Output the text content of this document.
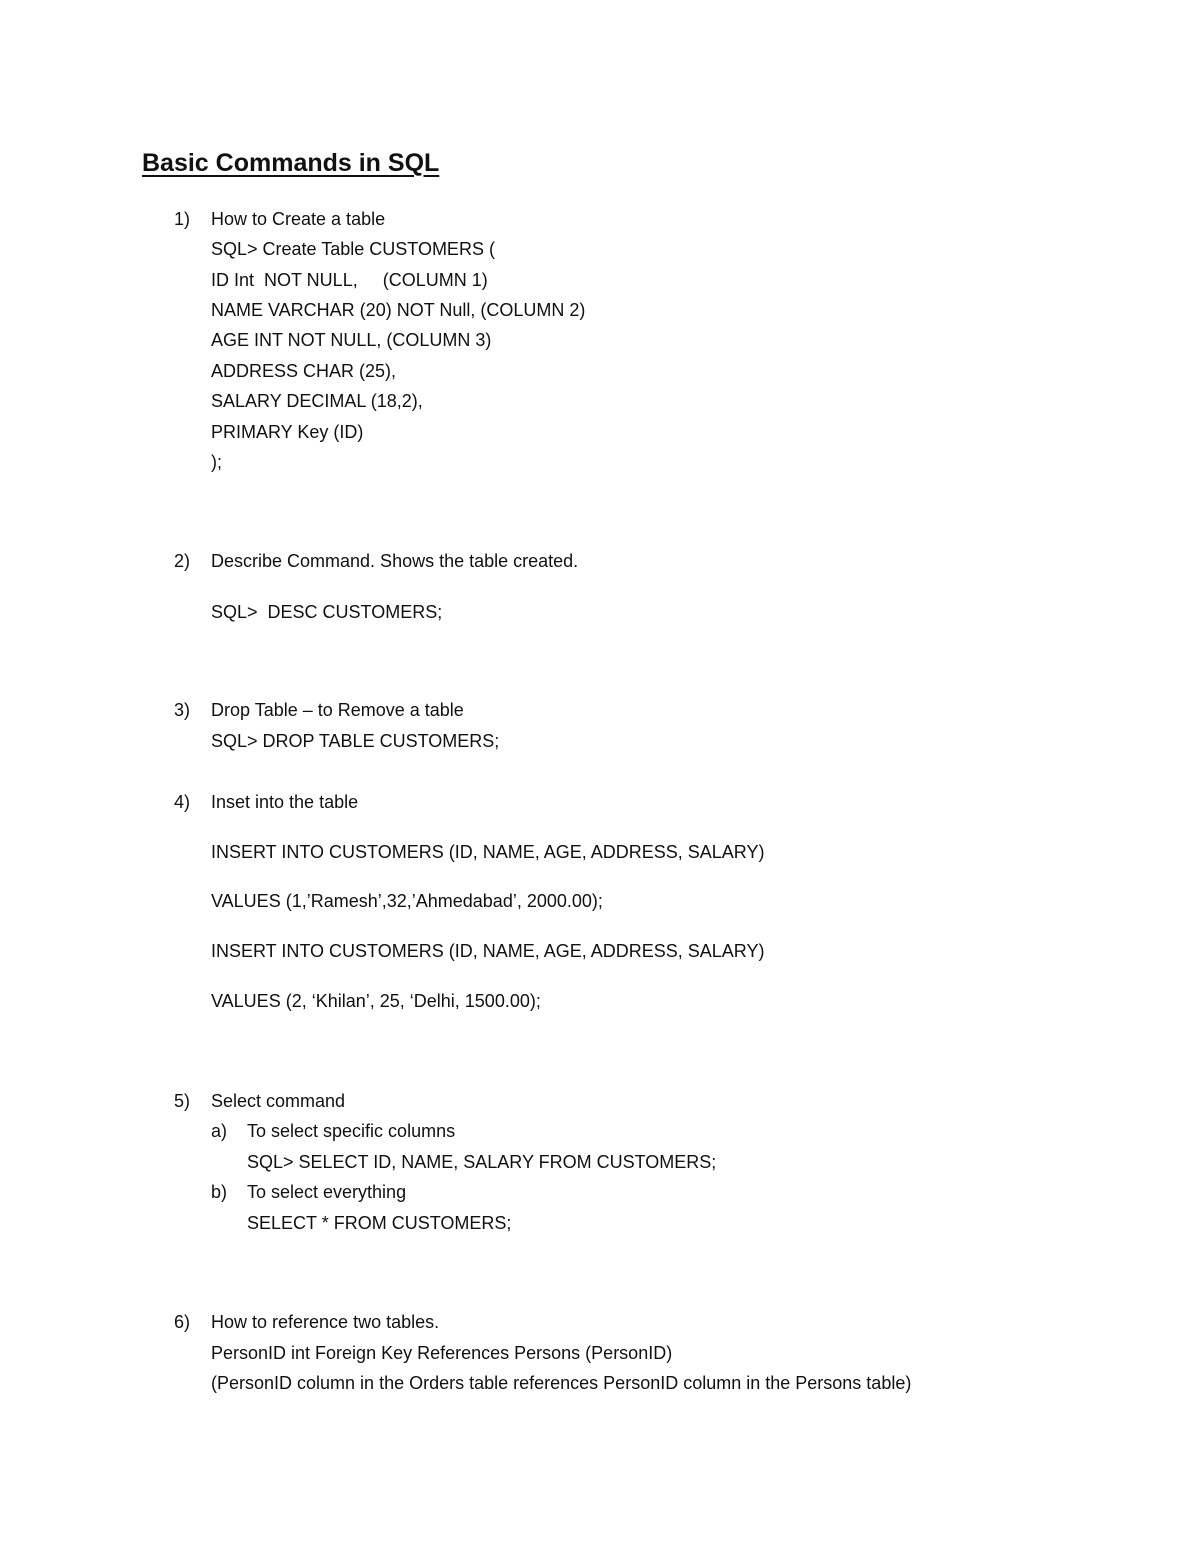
Basic Commands in SQL
1) How to Create a table
SQL> Create Table CUSTOMERS (
ID Int  NOT NULL,     (COLUMN 1)
NAME VARCHAR (20) NOT Null, (COLUMN 2)
AGE INT NOT NULL, (COLUMN 3)
ADDRESS CHAR (25),
SALARY DECIMAL (18,2),
PRIMARY Key (ID)
);
2) Describe Command. Shows the table created.
SQL>  DESC CUSTOMERS;
3) Drop Table – to Remove a table
SQL> DROP TABLE CUSTOMERS;
4) Inset into the table
INSERT INTO CUSTOMERS (ID, NAME, AGE, ADDRESS, SALARY)
VALUES (1,’Ramesh’,32,’Ahmedabad’, 2000.00);
INSERT INTO CUSTOMERS (ID, NAME, AGE, ADDRESS, SALARY)
VALUES (2, ‘Khilan’, 25, ‘Delhi, 1500.00);
5) Select command
a) To select specific columns
SQL> SELECT ID, NAME, SALARY FROM CUSTOMERS;
b) To select everything
SELECT * FROM CUSTOMERS;
6) How to reference two tables.
PersonID int Foreign Key References Persons (PersonID)
(PersonID column in the Orders table references PersonID column in the Persons table)
